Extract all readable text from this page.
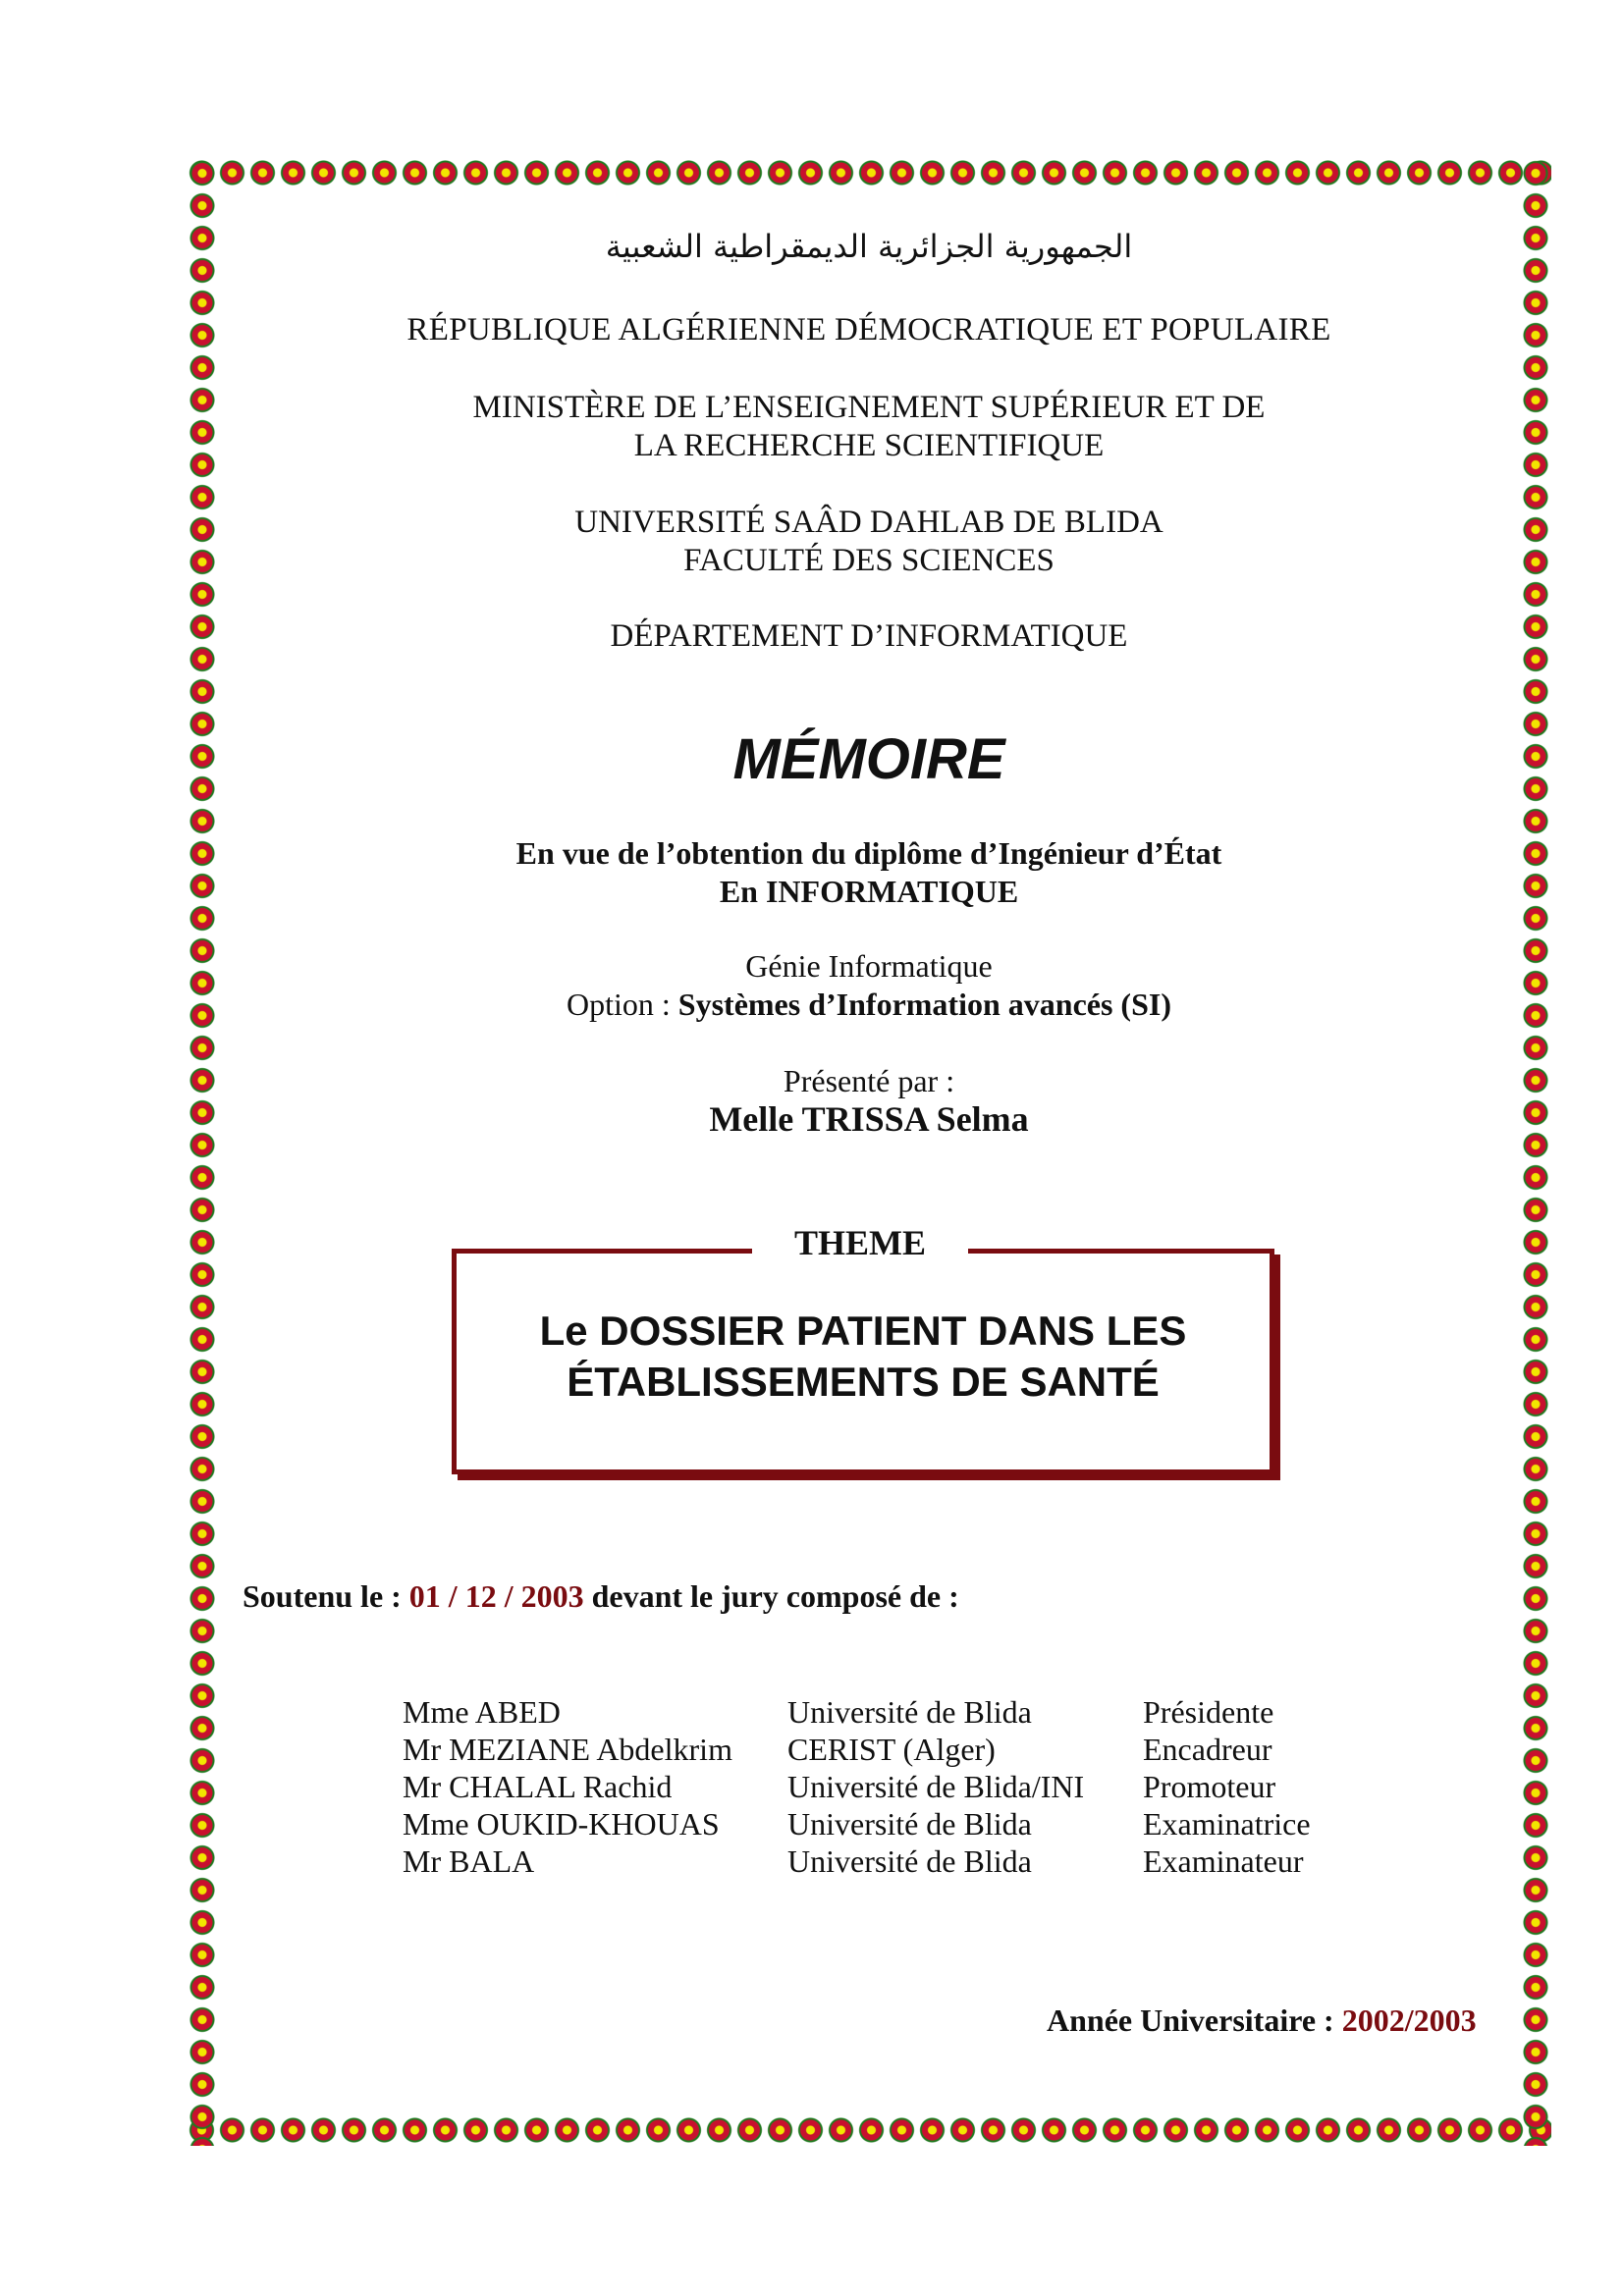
الجمهورية الجزائرية الديمقراطية الشعبية
RÉPUBLIQUE ALGÉRIENNE DÉMOCRATIQUE ET POPULAIRE
MINISTÈRE DE L’ENSEIGNEMENT SUPÉRIEUR ET DE
LA RECHERCHE SCIENTIFIQUE
UNIVERSITÉ SAÂD DAHLAB DE BLIDA
FACULTÉ DES SCIENCES
DÉPARTEMENT D’INFORMATIQUE
MÉMOIRE
En vue de l’obtention du diplôme d’Ingénieur d’État
En INFORMATIQUE
Génie Informatique
Option : Systèmes d’Information avancés (SI)
Présenté par :
Melle TRISSA Selma
THEME
Le DOSSIER PATIENT DANS LES
ÉTABLISSEMENTS DE SANTÉ
Soutenu le : 01 / 12 / 2003 devant le jury composé de :
Mme ABED	Université de Blida	Présidente
Mr MEZIANE Abdelkrim	CERIST (Alger)	Encadreur
Mr CHALAL Rachid	Université de Blida/INI	Promoteur
Mme OUKID-KHOUAS	Université de Blida	Examinatrice
Mr BALA	Université de Blida	Examinateur
Année Universitaire : 2002/2003
